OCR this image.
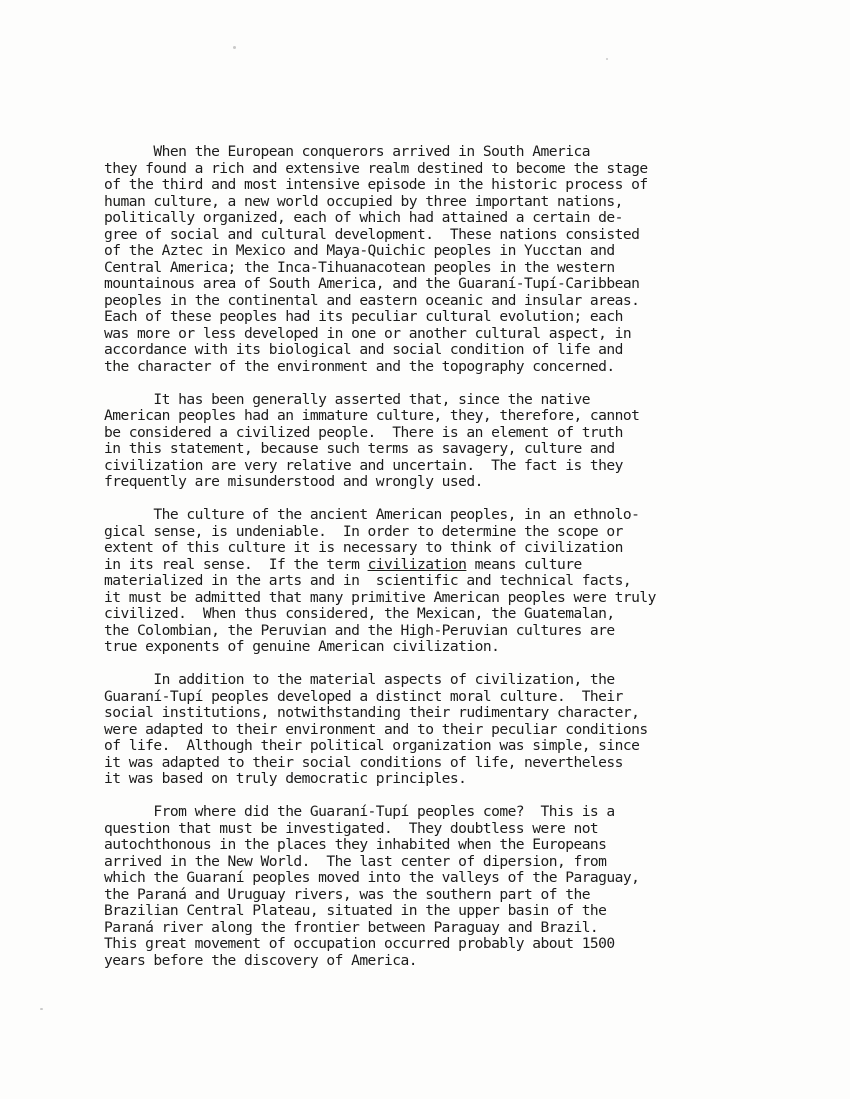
When the European conquerors arrived in South America
they found a rich and extensive realm destined to become the stage
of the third and most intensive episode in the historic process of
human culture, a new world occupied by three important nations,
politically organized, each of which had attained a certain de-
gree of social and cultural development.  These nations consisted
of the Aztec in Mexico and Maya-Quichic peoples in Yucctan and
Central America; the Inca-Tihuanacotean peoples in the western
mountainous area of South America, and the Guaraní-Tupí-Caribbean
peoples in the continental and eastern oceanic and insular areas.
Each of these peoples had its peculiar cultural evolution; each
was more or less developed in one or another cultural aspect, in
accordance with its biological and social condition of life and
the character of the environment and the topography concerned.

It has been generally asserted that, since the native
American peoples had an immature culture, they, therefore, cannot
be considered a civilized people.  There is an element of truth
in this statement, because such terms as savagery, culture and
civilization are very relative and uncertain.  The fact is they
frequently are misunderstood and wrongly used.

The culture of the ancient American peoples, in an ethnolo-
gical sense, is undeniable.  In order to determine the scope or
extent of this culture it is necessary to think of civilization
in its real sense.  If the term civilization means culture
materialized in the arts and in  scientific and technical facts,
it must be admitted that many primitive American peoples were truly
civilized.  When thus considered, the Mexican, the Guatemalan,
the Colombian, the Peruvian and the High-Peruvian cultures are
true exponents of genuine American civilization.

In addition to the material aspects of civilization, the
Guaraní-Tupí peoples developed a distinct moral culture.  Their
social institutions, notwithstanding their rudimentary character,
were adapted to their environment and to their peculiar conditions
of life.  Although their political organization was simple, since
it was adapted to their social conditions of life, nevertheless
it was based on truly democratic principles.

From where did the Guaraní-Tupí peoples come?  This is a
question that must be investigated.  They doubtless were not
autochthonous in the places they inhabited when the Europeans
arrived in the New World.  The last center of dipersion, from
which the Guaraní peoples moved into the valleys of the Paraguay,
the Paraná and Uruguay rivers, was the southern part of the
Brazilian Central Plateau, situated in the upper basin of the
Paraná river along the frontier between Paraguay and Brazil.
This great movement of occupation occurred probably about 1500
years before the discovery of America.
